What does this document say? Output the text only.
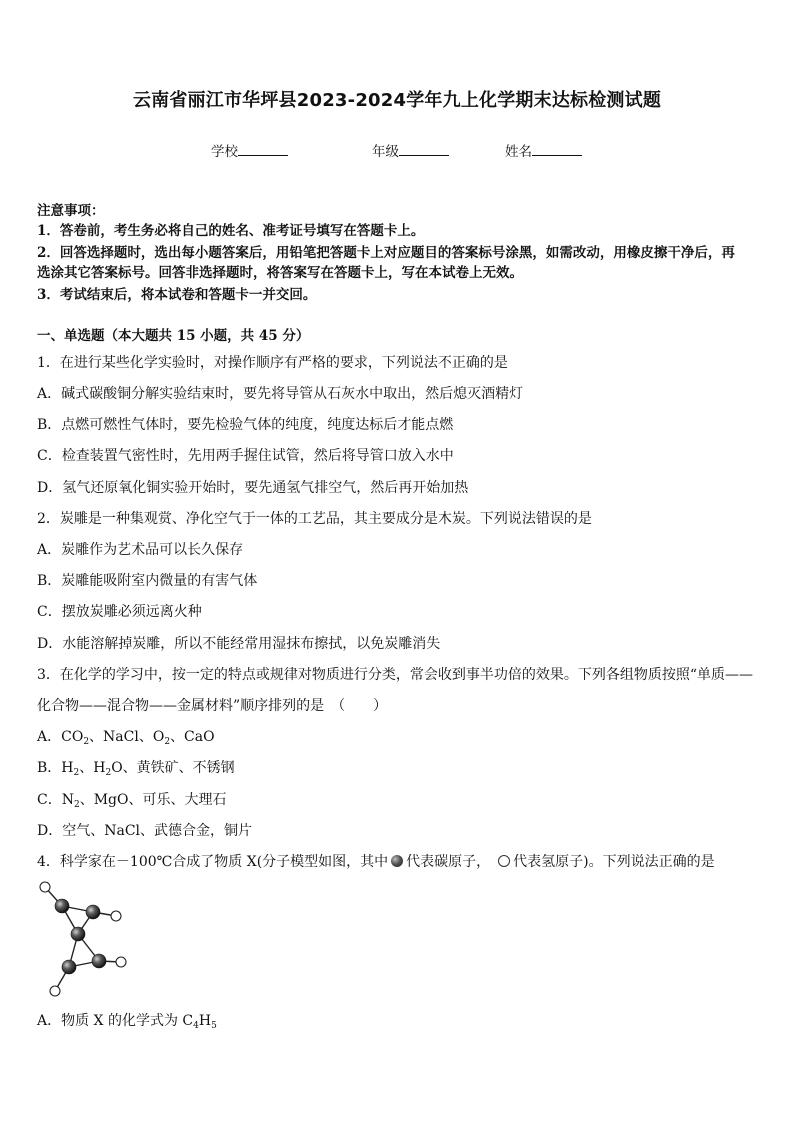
云南省丽江市华坪县2023-2024学年九上化学期末达标检测试题
学校	年级	姓名
注意事项：
1．答卷前，考生务必将自己的姓名、准考证号填写在答题卡上。
2．回答选择题时，选出每小题答案后，用铅笔把答题卡上对应题目的答案标号涂黑，如需改动，用橡皮擦干净后，再
选涂其它答案标号。回答非选择题时，将答案写在答题卡上，写在本试卷上无效。
3．考试结束后，将本试卷和答题卡一并交回。
一、单选题（本大题共 15 小题，共 45 分）
1．在进行某些化学实验时，对操作顺序有严格的要求，下列说法不正确的是
A．碱式碳酸铜分解实验结束时，要先将导管从石灰水中取出，然后熄灭酒精灯
B．点燃可燃性气体时，要先检验气体的纯度，纯度达标后才能点燃
C．检查装置气密性时，先用两手握住试管，然后将导管口放入水中
D．氢气还原氧化铜实验开始时，要先通氢气排空气，然后再开始加热
2．炭雕是一种集观赏、净化空气于一体的工艺品，其主要成分是木炭。下列说法错误的是
A．炭雕作为艺术品可以长久保存
B．炭雕能吸附室内微量的有害气体
C．摆放炭雕必须远离火种
D．水能溶解掉炭雕，所以不能经常用湿抹布擦拭，以免炭雕消失
3．在化学的学习中，按一定的特点或规律对物质进行分类，常会收到事半功倍的效果。下列各组物质按照“单质——
化合物——混合物——金属材料”顺序排列的是　（　　）
A．$CO_2$、NaCl、$O_2$、CaO
B．$H_2$、$H_2O$、黄铁矿、不锈钢
C．$N_2$、MgO、可乐、大理石
D．空气、NaCl、武德合金，铜片
4．科学家在－100℃合成了物质 X(分子模型如图，其中 代表碳原子， 代表氢原子)。下列说法正确的是
A．物质 X 的化学式为 $C_4H_5$
